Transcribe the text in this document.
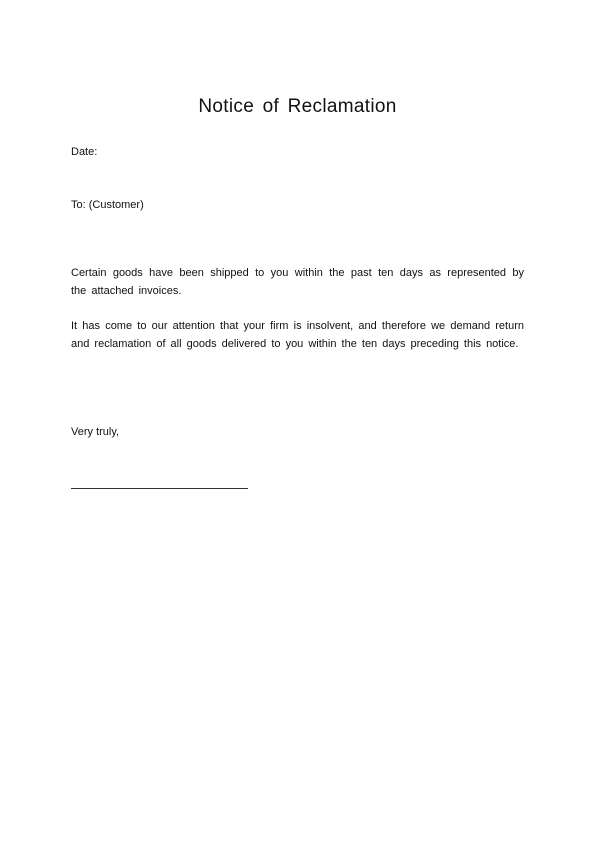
Notice of Reclamation

Date:

To: (Customer)

Certain goods have been shipped to you within the past ten days as represented by the attached invoices.

It has come to our attention that your firm is insolvent, and therefore we demand return and reclamation of all goods delivered to you within the ten days preceding this notice.

Very truly,
